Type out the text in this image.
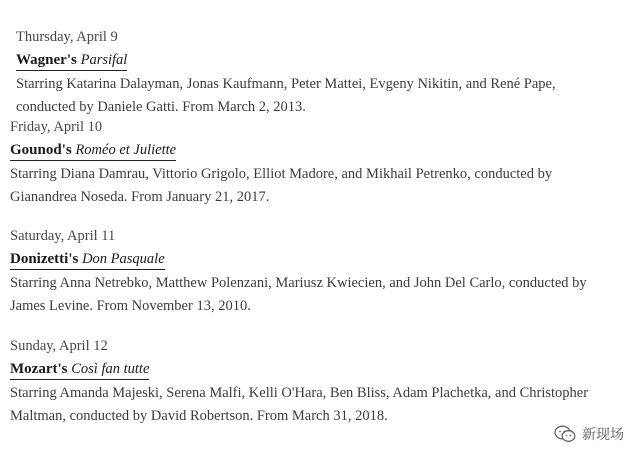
Thursday, April 9
Wagner's Parsifal
Starring Katarina Dalayman, Jonas Kaufmann, Peter Mattei, Evgeny Nikitin, and René Pape,
conducted by Daniele Gatti. From March 2, 2013.
Friday, April 10
Gounod's Roméo et Juliette
Starring Diana Damrau, Vittorio Grigolo, Elliot Madore, and Mikhail Petrenko, conducted by
Gianandrea Noseda. From January 21, 2017.
Saturday, April 11
Donizetti's Don Pasquale
Starring Anna Netrebko, Matthew Polenzani, Mariusz Kwiecien, and John Del Carlo, conducted by
James Levine. From November 13, 2010.
Sunday, April 12
Mozart's Così fan tutte
Starring Amanda Majeski, Serena Malfi, Kelli O'Hara, Ben Bliss, Adam Plachetka, and Christopher
Maltman, conducted by David Robertson. From March 31, 2018.
新现场
